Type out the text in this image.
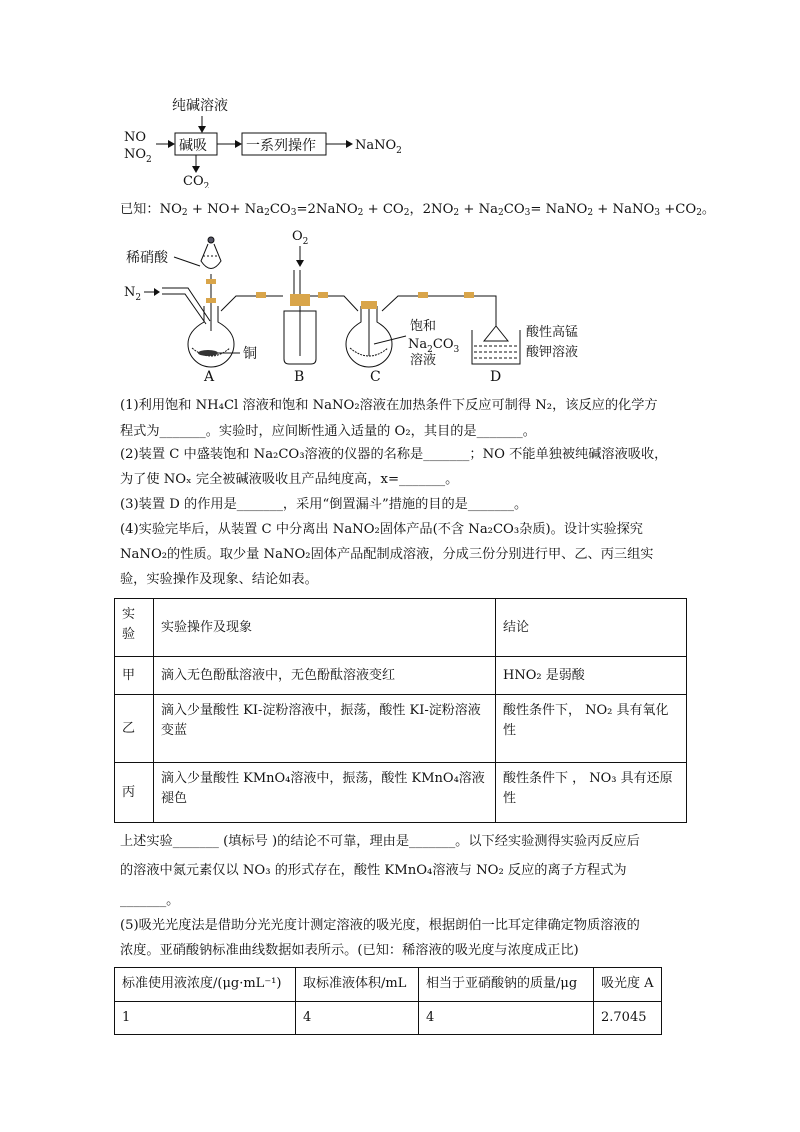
纯碱溶液
NO
$NO_2$
碱吸	一系列操作	NaNO$_2$
$CO_2$
已知：$NO_2 + NO+$ $Na_2CO_3=2NaNO_2 + CO_2$，$2NO_2 + Na_2CO_3=$ NaNO$_2$ + NaNO$_3$ $+CO_2$。
$N_2$
稀硝酸
铜
A
$O_2$
B	C
饱和
$Na_2CO_3$
溶液
D
酸性高锰
酸钾溶液
(1)利用饱和 NH₄Cl 溶液和饱和 NaNO₂溶液在加热条件下反应可制得 N₂，该反应的化学方
程式为_______。实验时，应间断性通入适量的 O₂，其目的是_______。
(2)装置 C 中盛装饱和 Na₂CO₃溶液的仪器的名称是_______；NO 不能单独被纯碱溶液吸收，
为了使 NOₓ 完全被碱液吸收且产品纯度高，x=_______。
(3)装置 D 的作用是_______，采用“倒置漏斗”措施的目的是_______。
(4)实验完毕后，从装置 C 中分离出 NaNO₂固体产品(不含 Na₂CO₃杂质)。设计实验探究
NaNO₂的性质。取少量 NaNO₂固体产品配制成溶液，分成三份分别进行甲、乙、丙三组实
验，实验操作及现象、结论如表。
实验	实验操作及现象	结论
甲	滴入无色酚酞溶液中，无色酚酞溶液变红	HNO₂ 是弱酸
乙	滴入少量酸性 KI-淀粉溶液中，振荡，酸性 KI-淀粉溶液变蓝	酸性条件下， NO₂ 具有氧化性
丙	滴入少量酸性 KMnO₄溶液中，振荡，酸性 KMnO₄溶液褪色	酸性条件下 ， NO₃ 具有还原性
上述实验_______ (填标号 )的结论不可靠，理由是_______。以下经实验测得实验丙反应后
的溶液中氮元素仅以 NO₃ 的形式存在，酸性 KMnO₄溶液与 NO₂ 反应的离子方程式为
_______。
(5)吸光光度法是借助分光光度计测定溶液的吸光度，根据朗伯一比耳定律确定物质溶液的
浓度。亚硝酸钠标准曲线数据如表所示。(已知：稀溶液的吸光度与浓度成正比)
标准使用液浓度/(μg·mL⁻¹)	取标准液体积/mL	相当于亚硝酸钠的质量/μg	吸光度 A
1	4	4	2.7045
